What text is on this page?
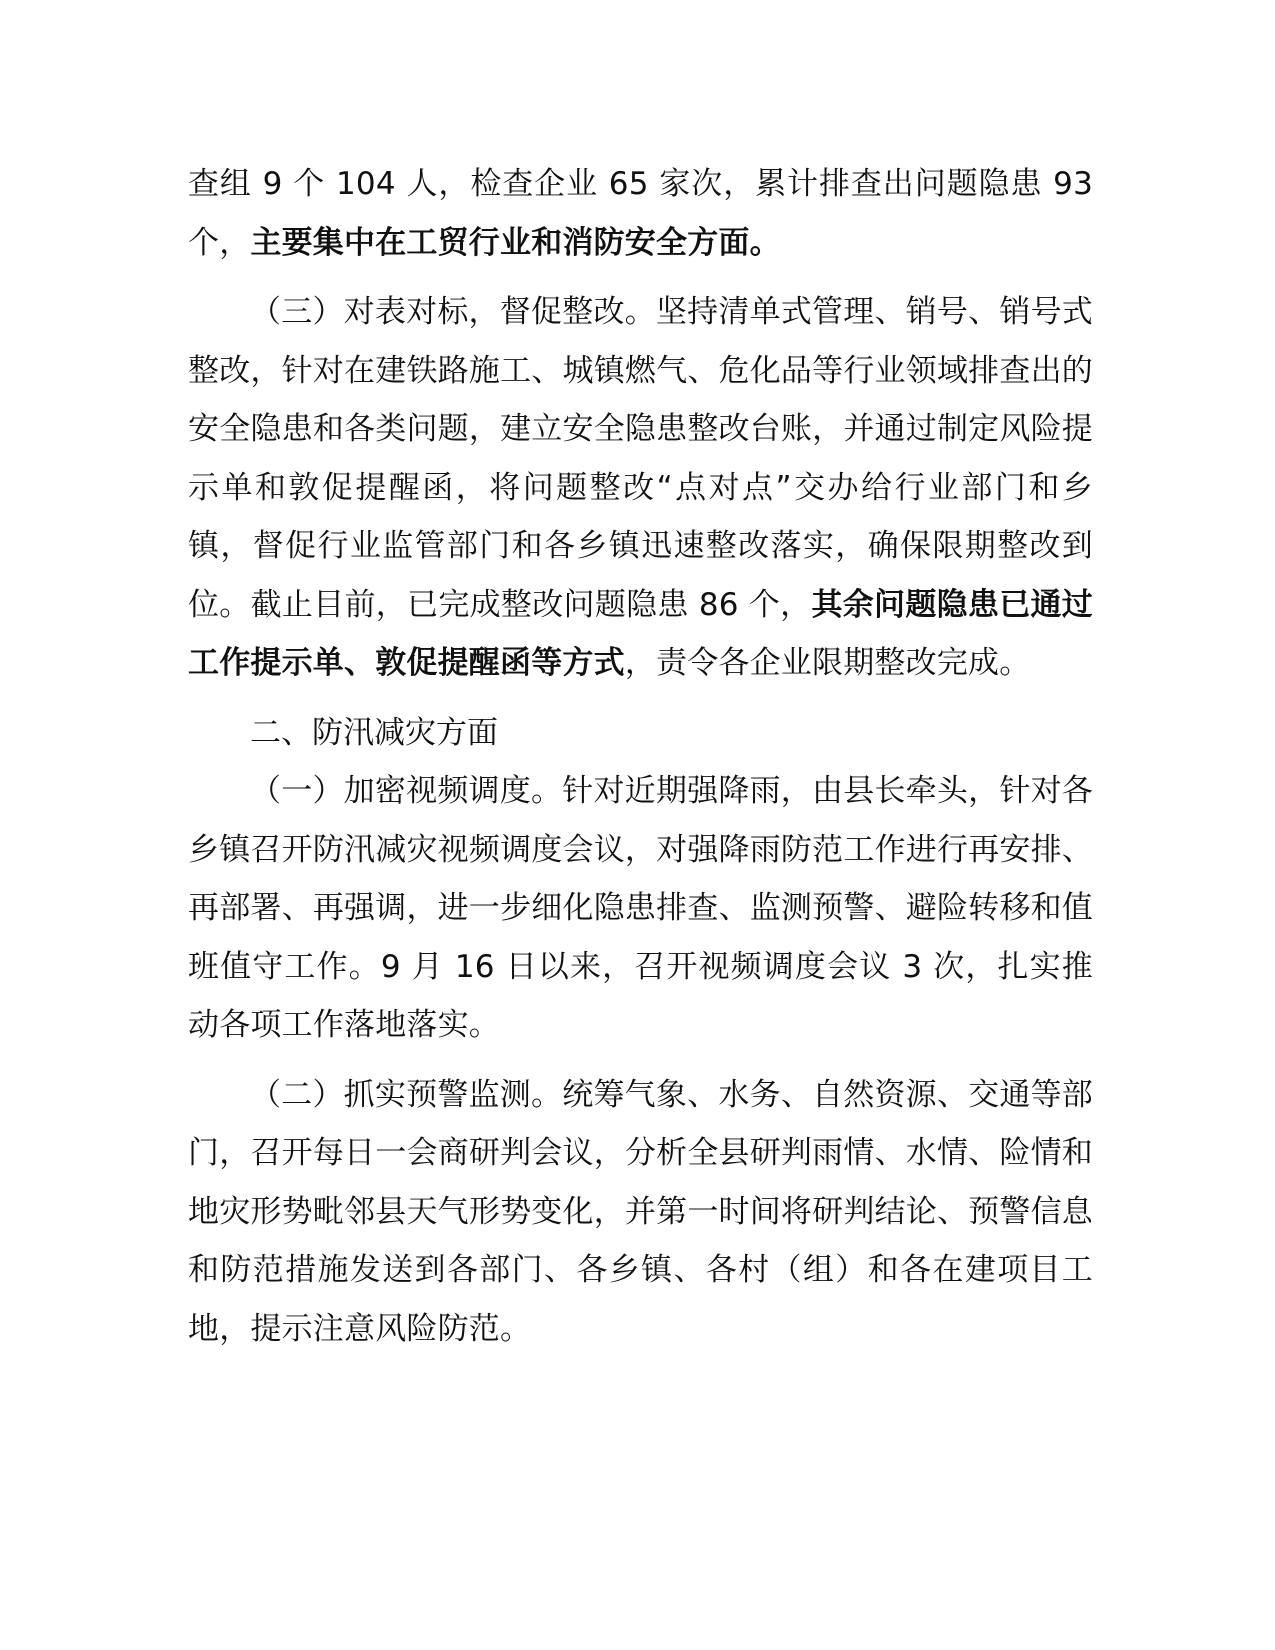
查组 9 个 104 人，检查企业 65 家次，累计排查出问题隐患 93 个，主要集中在工贸行业和消防安全方面。

（三）对表对标，督促整改。坚持清单式管理、销号、销号式整改，针对在建铁路施工、城镇燃气、危化品等行业领域排查出的安全隐患和各类问题，建立安全隐患整改台账，并通过制定风险提示单和敦促提醒函，将问题整改“点对点”交办给行业部门和乡镇，督促行业监管部门和各乡镇迅速整改落实，确保限期整改到位。截止目前，已完成整改问题隐患 86 个，其余问题隐患已通过工作提示单、敦促提醒函等方式，责令各企业限期整改完成。

二、防汛减灾方面

（一）加密视频调度。针对近期强降雨，由县长牵头，针对各乡镇召开防汛减灾视频调度会议，对强降雨防范工作进行再安排、再部署、再强调，进一步细化隐患排查、监测预警、避险转移和值班值守工作。9 月 16 日以来，召开视频调度会议 3 次，扎实推动各项工作落地落实。

（二）抓实预警监测。统筹气象、水务、自然资源、交通等部门，召开每日一会商研判会议，分析全县研判雨情、水情、险情和地灾形势毗邻县天气形势变化，并第一时间将研判结论、预警信息和防范措施发送到各部门、各乡镇、各村（组）和各在建项目工地，提示注意风险防范。
